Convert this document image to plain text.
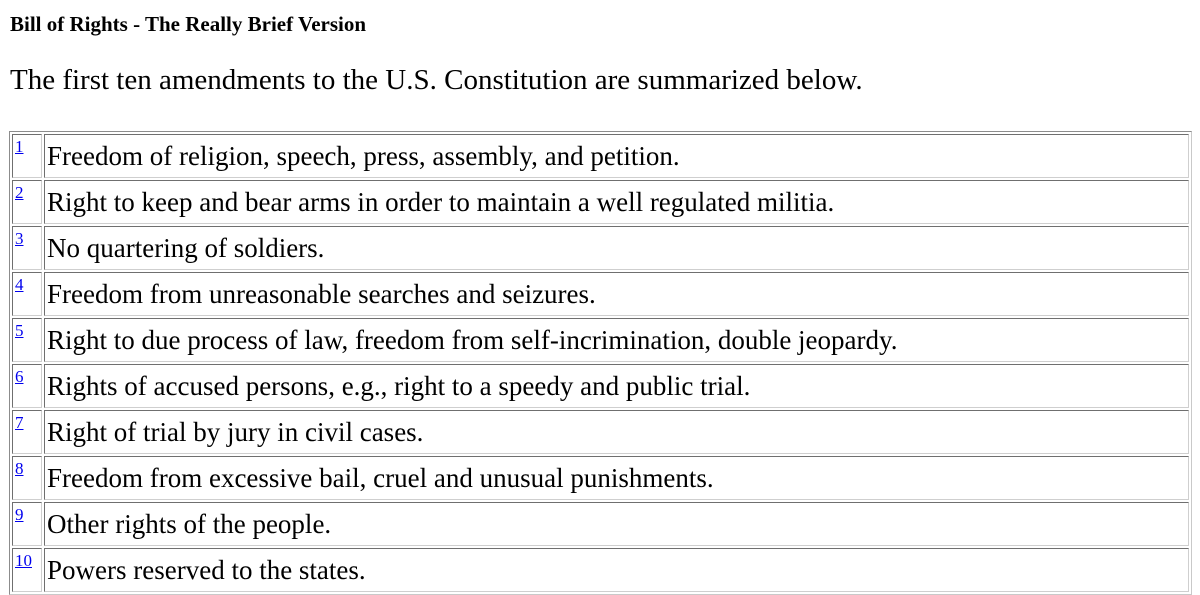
Bill of Rights - The Really Brief Version
The first ten amendments to the U.S. Constitution are summarized below.
1	Freedom of religion, speech, press, assembly, and petition.
2	Right to keep and bear arms in order to maintain a well regulated militia.
3	No quartering of soldiers.
4	Freedom from unreasonable searches and seizures.
5	Right to due process of law, freedom from self-incrimination, double jeopardy.
6	Rights of accused persons, e.g., right to a speedy and public trial.
7	Right of trial by jury in civil cases.
8	Freedom from excessive bail, cruel and unusual punishments.
9	Other rights of the people.
10	Powers reserved to the states.
